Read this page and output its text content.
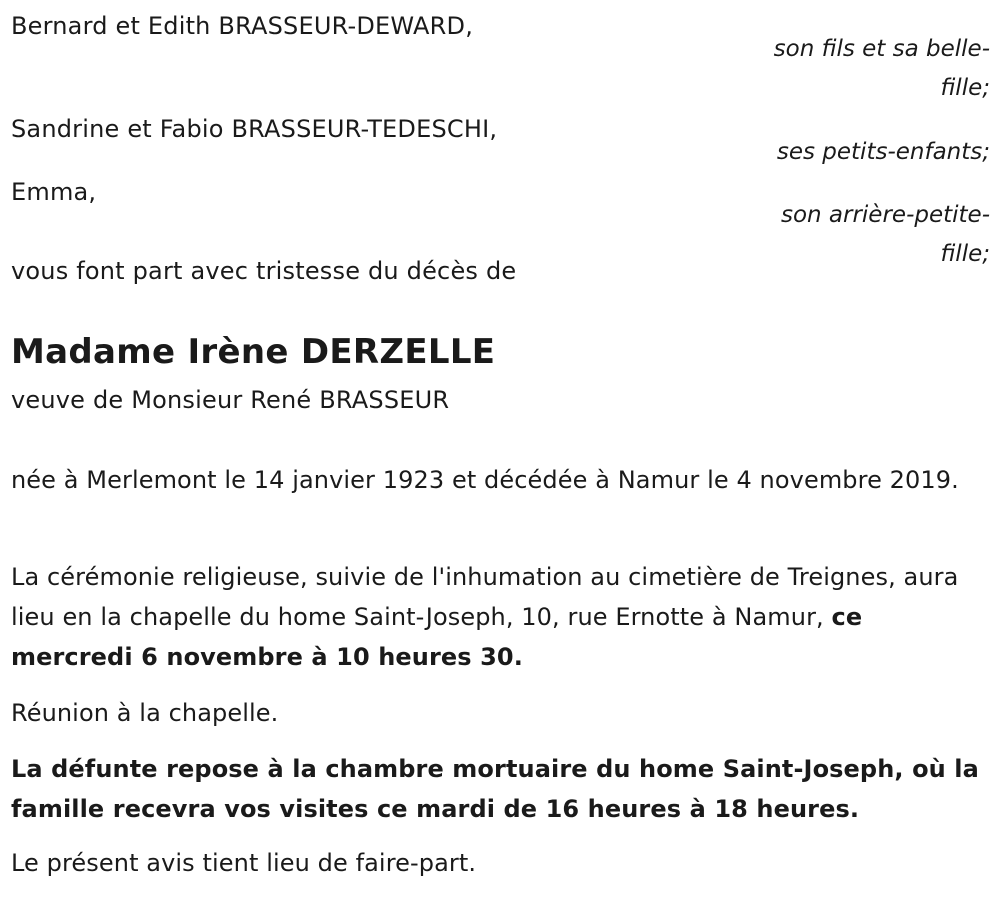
Bernard et Edith BRASSEUR-DEWARD,
Sandrine et Fabio BRASSEUR-TEDESCHI,
Emma,
vous font part avec tristesse du décès de
son fils et sa belle-
fille;
ses petits-enfants;
son arrière-petite-
fille;
Madame Irène DERZELLE
veuve de Monsieur René BRASSEUR

née à Merlemont le 14 janvier 1923 et décédée à Namur le 4 novembre 2019.

La cérémonie religieuse, suivie de l'inhumation au cimetière de Treignes, aura lieu en la chapelle du home Saint-Joseph, 10, rue Ernotte à Namur, ce mercredi 6 novembre à 10 heures 30.

Réunion à la chapelle.

La défunte repose à la chambre mortuaire du home Saint-Joseph, où la famille recevra vos visites ce mardi de 16 heures à 18 heures.

Le présent avis tient lieu de faire-part.
